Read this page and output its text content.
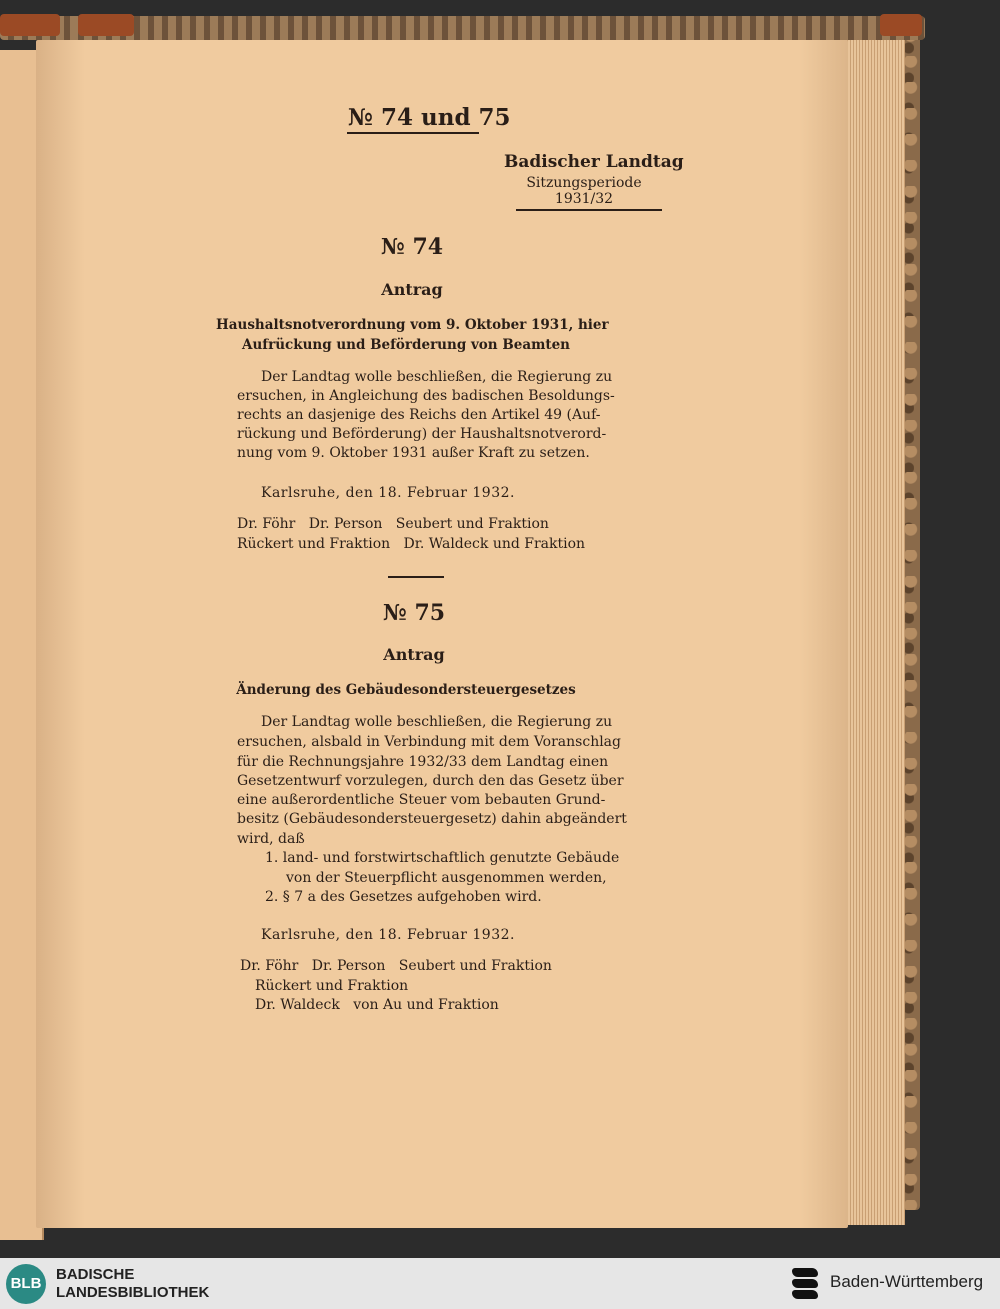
№ 74 und 75
Badischer Landtag
Sitzungsperiode
1931/32
№ 74
Antrag
Haushaltsnotverordnung vom 9. Oktober 1931, hier
Aufrückung und Beförderung von Beamten
Der Landtag wolle beschließen, die Regierung zu
ersuchen, in Angleichung des badischen Besoldungs-
rechts an dasjenige des Reichs den Artikel 49 (Auf-
rückung und Beförderung) der Haushaltsnotverord-
nung vom 9. Oktober 1931 außer Kraft zu setzen.
Karlsruhe, den 18. Februar 1932.
Dr. Föhr   Dr. Person   Seubert und Fraktion
Rückert und Fraktion   Dr. Waldeck und Fraktion
№ 75
Antrag
Änderung des Gebäudesondersteuergesetzes
Der Landtag wolle beschließen, die Regierung zu
ersuchen, alsbald in Verbindung mit dem Voranschlag
für die Rechnungsjahre 1932/33 dem Landtag einen
Gesetzentwurf vorzulegen, durch den das Gesetz über
eine außerordentliche Steuer vom bebauten Grund-
besitz (Gebäudesondersteuergesetz) dahin abgeändert
wird, daß
1. land- und forstwirtschaftlich genutzte Gebäude
von der Steuerpflicht ausgenommen werden,
2. § 7 a des Gesetzes aufgehoben wird.
Karlsruhe, den 18. Februar 1932.
Dr. Föhr   Dr. Person   Seubert und Fraktion
Rückert und Fraktion
Dr. Waldeck   von Au und Fraktion
BLB
BADISCHE
LANDESBIBLIOTHEK
Baden-Württemberg
